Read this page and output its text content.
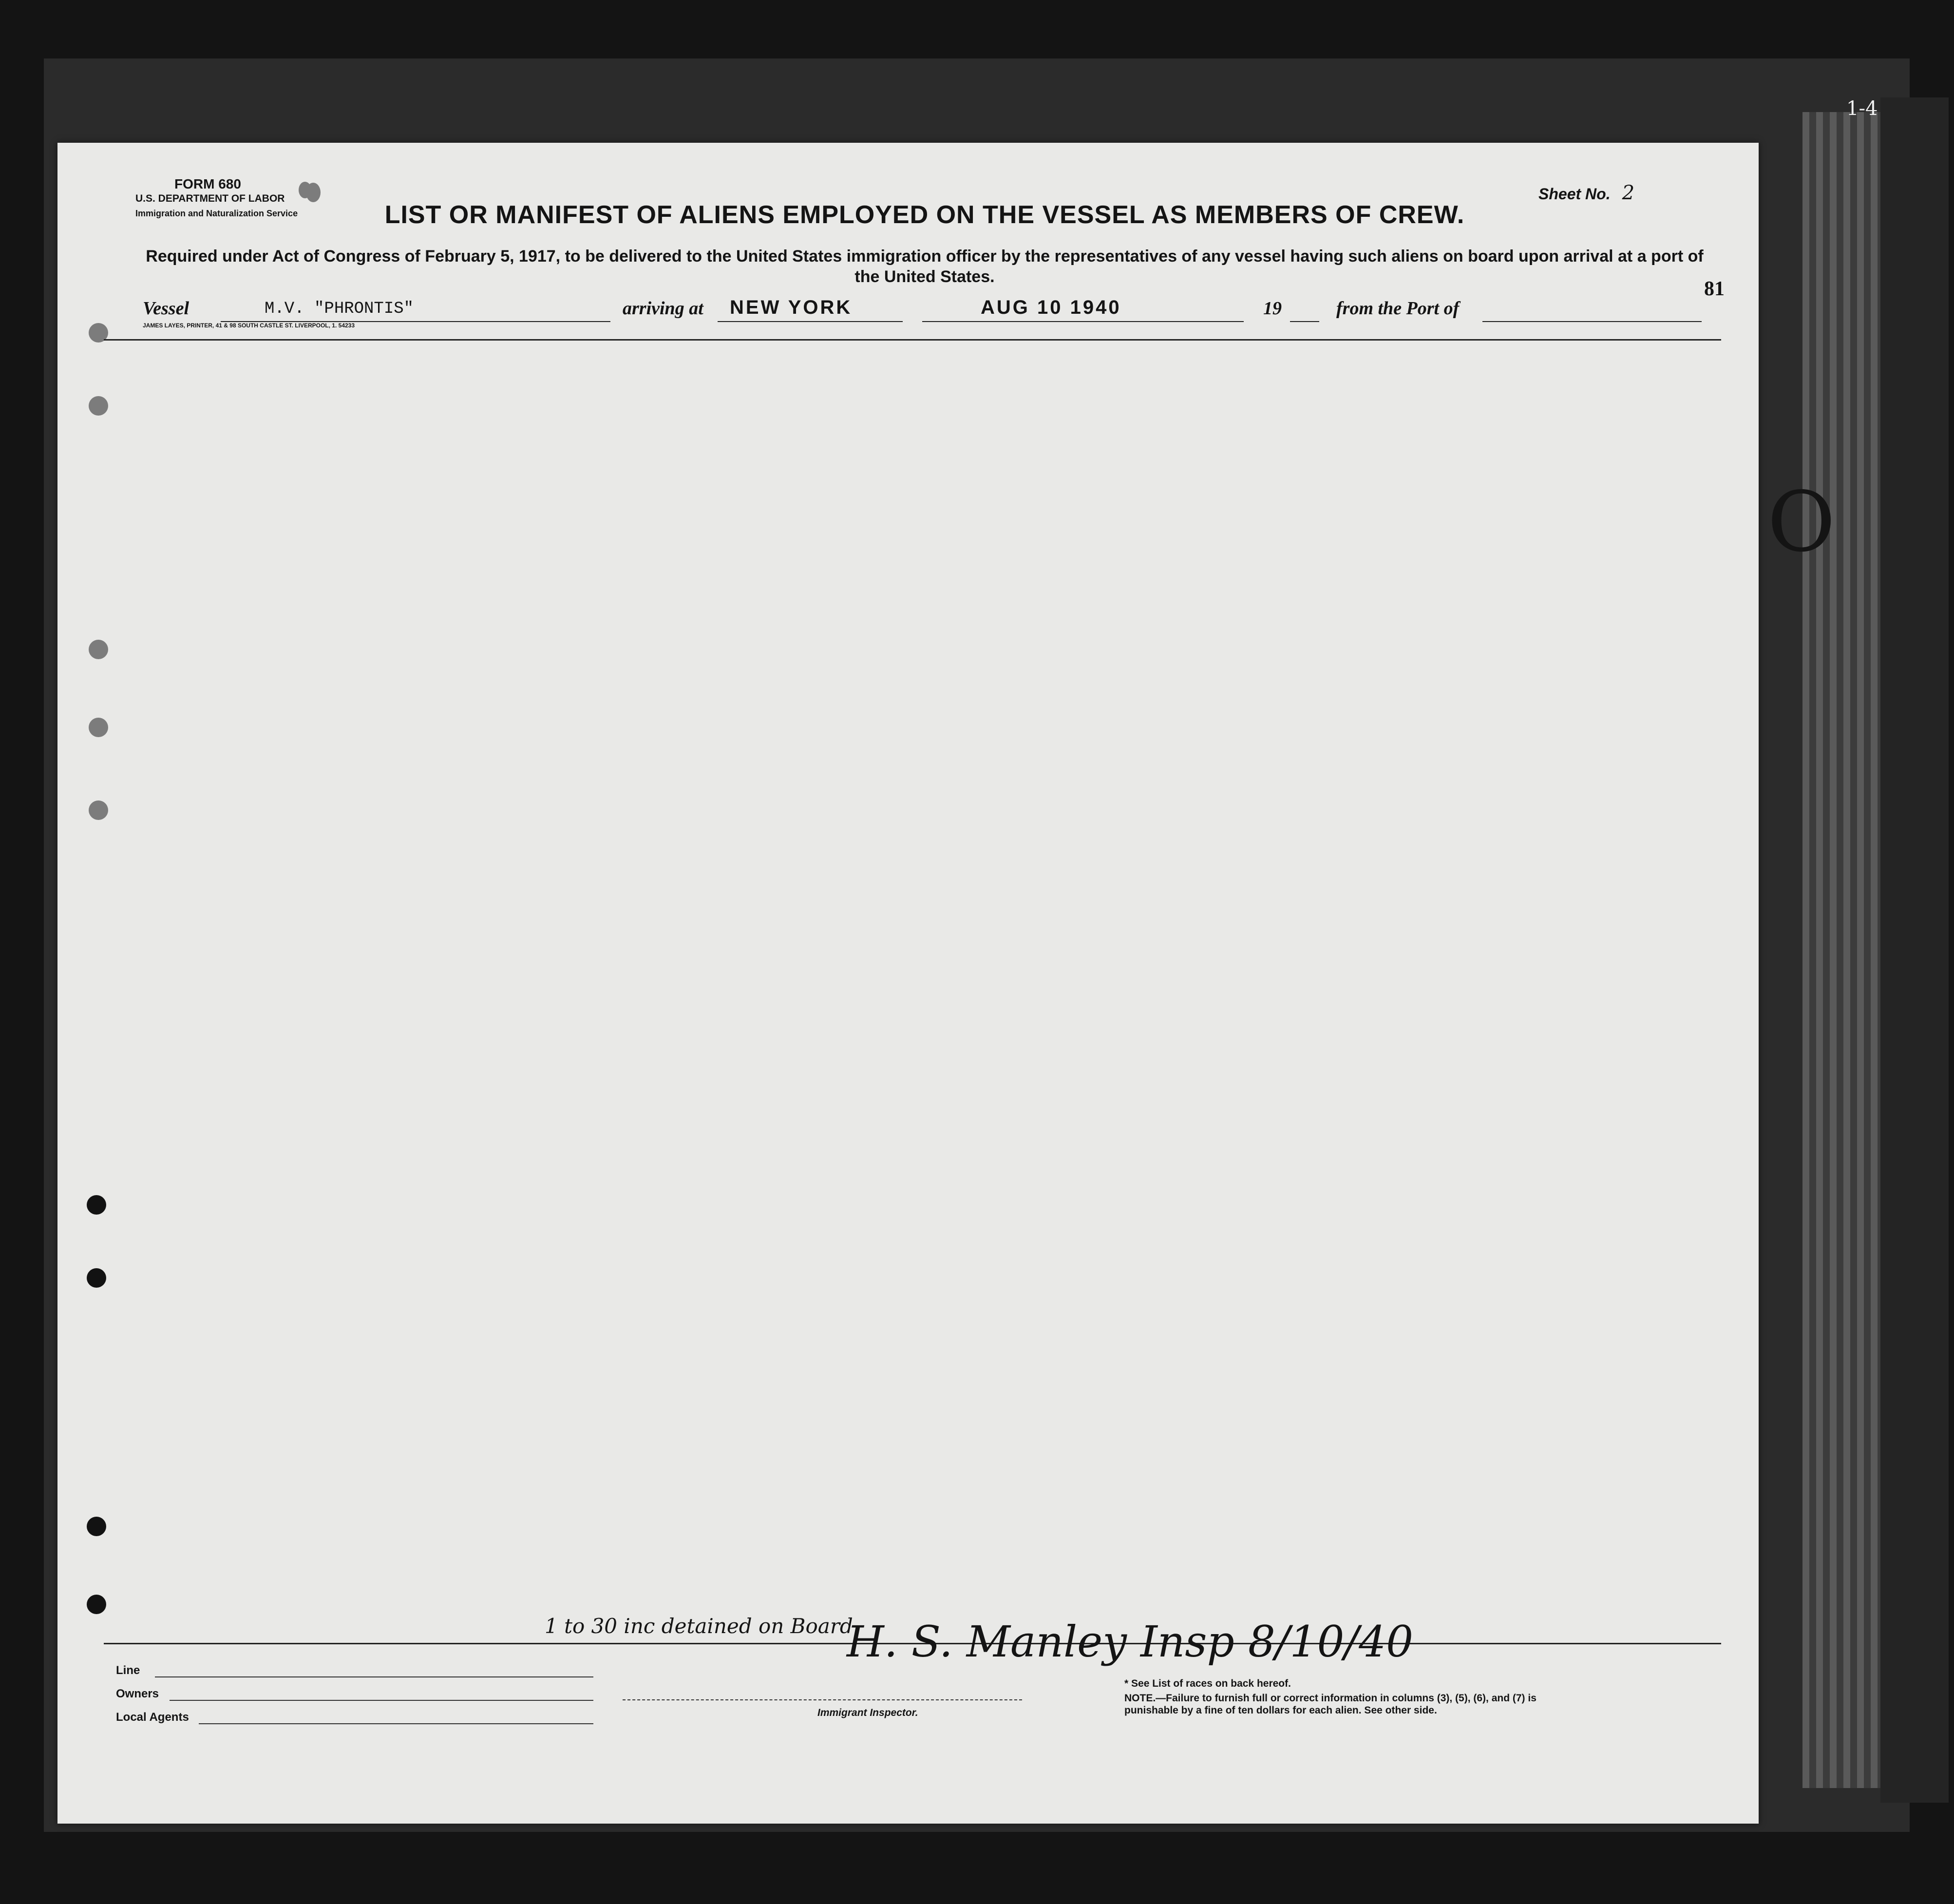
1-4
FORM 680
U.S. DEPARTMENT OF LABOR
Immigration and Naturalization Service	LIST OR MANIFEST OF ALIENS EMPLOYED ON THE VESSEL AS MEMBERS OF CREW.
Sheet No. 2
Required under Act of Congress of February 5, 1917, to be delivered to the United States immigration officer by the representatives of any vessel having such aliens on board upon arrival at a port of the United States.
81
Vessel	M.V. "PHRONTIS"	arriving at NEW YORK	AUG 10 1940	19	from the Port of
JAMES LAYES, PRINTER, 41 & 98 SOUTH CASTLE ST. LIVERPOOL, 1. 54233
O
1 to 30 inc detained on Board
H. S. Manley Insp 8/10/40
Line
Owners
Local Agents	Immigrant Inspector.
* See List of races on back hereof.
NOTE.—Failure to furnish full or correct information in columns (3), (5), (6), and (7) is punishable by a fine of ten dollars for each alien. See other side.
